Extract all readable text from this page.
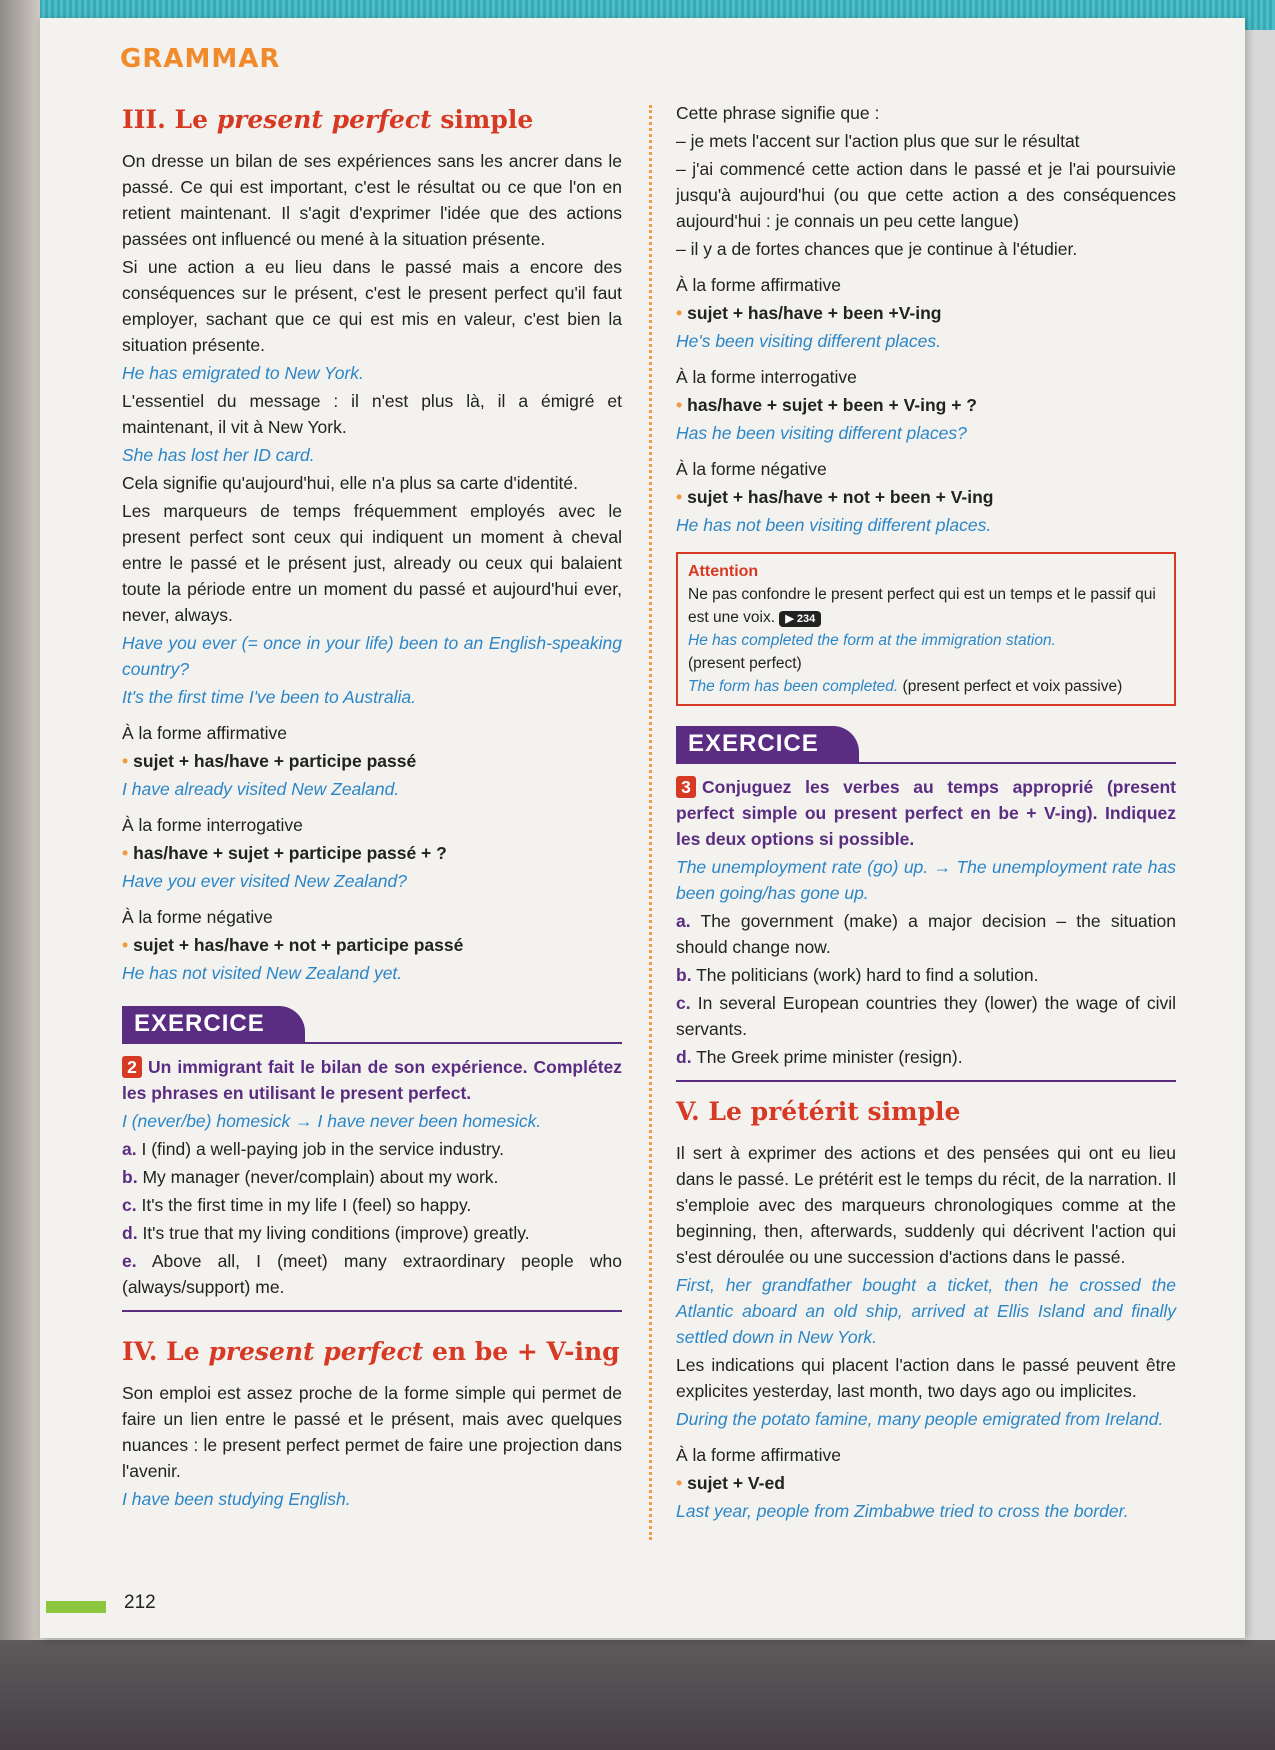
GRAMMAR
III. Le present perfect simple

On dresse un bilan de ses expériences sans les ancrer dans le passé. Ce qui est important, c'est le résultat ou ce que l'on en retient maintenant. Il s'agit d'exprimer l'idée que des actions passées ont influencé ou mené à la situation présente.

Si une action a eu lieu dans le passé mais a encore des conséquences sur le présent, c'est le present perfect qu'il faut employer, sachant que ce qui est mis en valeur, c'est bien la situation présente.

He has emigrated to New York.

L'essentiel du message : il n'est plus là, il a émigré et maintenant, il vit à New York.

She has lost her ID card.

Cela signifie qu'aujourd'hui, elle n'a plus sa carte d'identité.

Les marqueurs de temps fréquemment employés avec le present perfect sont ceux qui indiquent un moment à cheval entre le passé et le présent just, already ou ceux qui balaient toute la période entre un moment du passé et aujourd'hui ever, never, always.

Have you ever (= once in your life) been to an English-speaking country?

It's the first time I've been to Australia.

À la forme affirmative

• sujet + has/have + participe passé

I have already visited New Zealand.

À la forme interrogative

• has/have + sujet + participe passé + ?

Have you ever visited New Zealand?

À la forme négative

• sujet + has/have + not + participe passé

He has not visited New Zealand yet.

EXERCICE

2 Un immigrant fait le bilan de son expérience. Complétez les phrases en utilisant le present perfect.

I (never/be) homesick → I have never been homesick.

a. I (find) a well-paying job in the service industry.

b. My manager (never/complain) about my work.

c. It's the first time in my life I (feel) so happy.

d. It's true that my living conditions (improve) greatly.

e. Above all, I (meet) many extraordinary people who (always/support) me.

IV. Le present perfect en be + V-ing

Son emploi est assez proche de la forme simple qui permet de faire un lien entre le passé et le présent, mais avec quelques nuances : le present perfect permet de faire une projection dans l'avenir.

I have been studying English.

Cette phrase signifie que :

– je mets l'accent sur l'action plus que sur le résultat

– j'ai commencé cette action dans le passé et je l'ai poursuivie jusqu'à aujourd'hui (ou que cette action a des conséquences aujourd'hui : je connais un peu cette langue)

– il y a de fortes chances que je continue à l'étudier.

À la forme affirmative

• sujet + has/have + been +V-ing

He's been visiting different places.

À la forme interrogative

• has/have + sujet + been + V-ing + ?

Has he been visiting different places?

À la forme négative

• sujet + has/have + not + been + V-ing

He has not been visiting different places.

Attention
Ne pas confondre le present perfect qui est un temps et le passif qui est une voix. ▶ 234
He has completed the form at the immigration station.
(present perfect)
The form has been completed. (present perfect et voix passive)
EXERCICE

3 Conjuguez les verbes au temps approprié (present perfect simple ou present perfect en be + V-ing). Indiquez les deux options si possible.

The unemployment rate (go) up. → The unemployment rate has been going/has gone up.

a. The government (make) a major decision – the situation should change now.

b. The politicians (work) hard to find a solution.

c. In several European countries they (lower) the wage of civil servants.

d. The Greek prime minister (resign).

V. Le prétérit simple

Il sert à exprimer des actions et des pensées qui ont eu lieu dans le passé. Le prétérit est le temps du récit, de la narration. Il s'emploie avec des marqueurs chronologiques comme at the beginning, then, afterwards, suddenly qui décrivent l'action qui s'est déroulée ou une succession d'actions dans le passé.

First, her grandfather bought a ticket, then he crossed the Atlantic aboard an old ship, arrived at Ellis Island and finally settled down in New York.

Les indications qui placent l'action dans le passé peuvent être explicites yesterday, last month, two days ago ou implicites.

During the potato famine, many people emigrated from Ireland.

À la forme affirmative

• sujet + V-ed

Last year, people from Zimbabwe tried to cross the border.

212
